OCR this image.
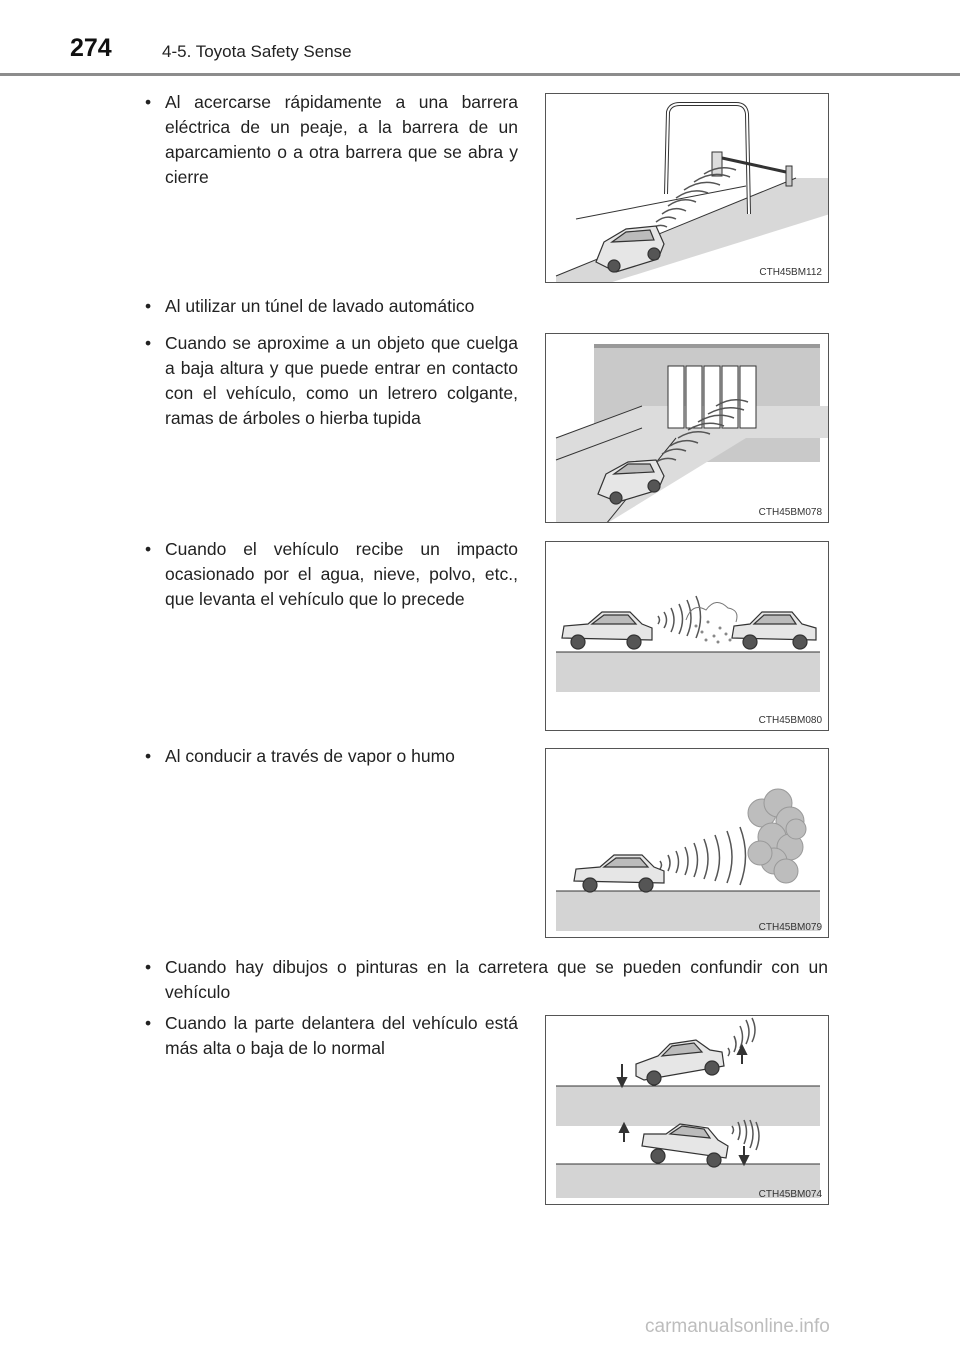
274	4-5. Toyota Safety Sense
• Al acercarse rápidamente a una barrera eléctrica de un peaje, a la barrera de un aparcamiento o a otra barrera que se abra y cierre
• Al utilizar un túnel de lavado automático
• Cuando se aproxime a un objeto que cuelga a baja altura y que puede entrar en contacto con el vehículo, como un letrero colgante, ramas de árboles o hierba tupida
• Cuando el vehículo recibe un impacto ocasionado por el agua, nieve, polvo, etc., que levanta el vehículo que lo precede
• Al conducir a través de vapor o humo
• Cuando hay dibujos o pinturas en la carretera que se pueden confundir con un vehículo
• Cuando la parte delantera del vehículo está más alta o baja de lo normal
CTH45BM112
CTH45BM078
CTH45BM080
CTH45BM079
CTH45BM074
carmanualsonline.info
